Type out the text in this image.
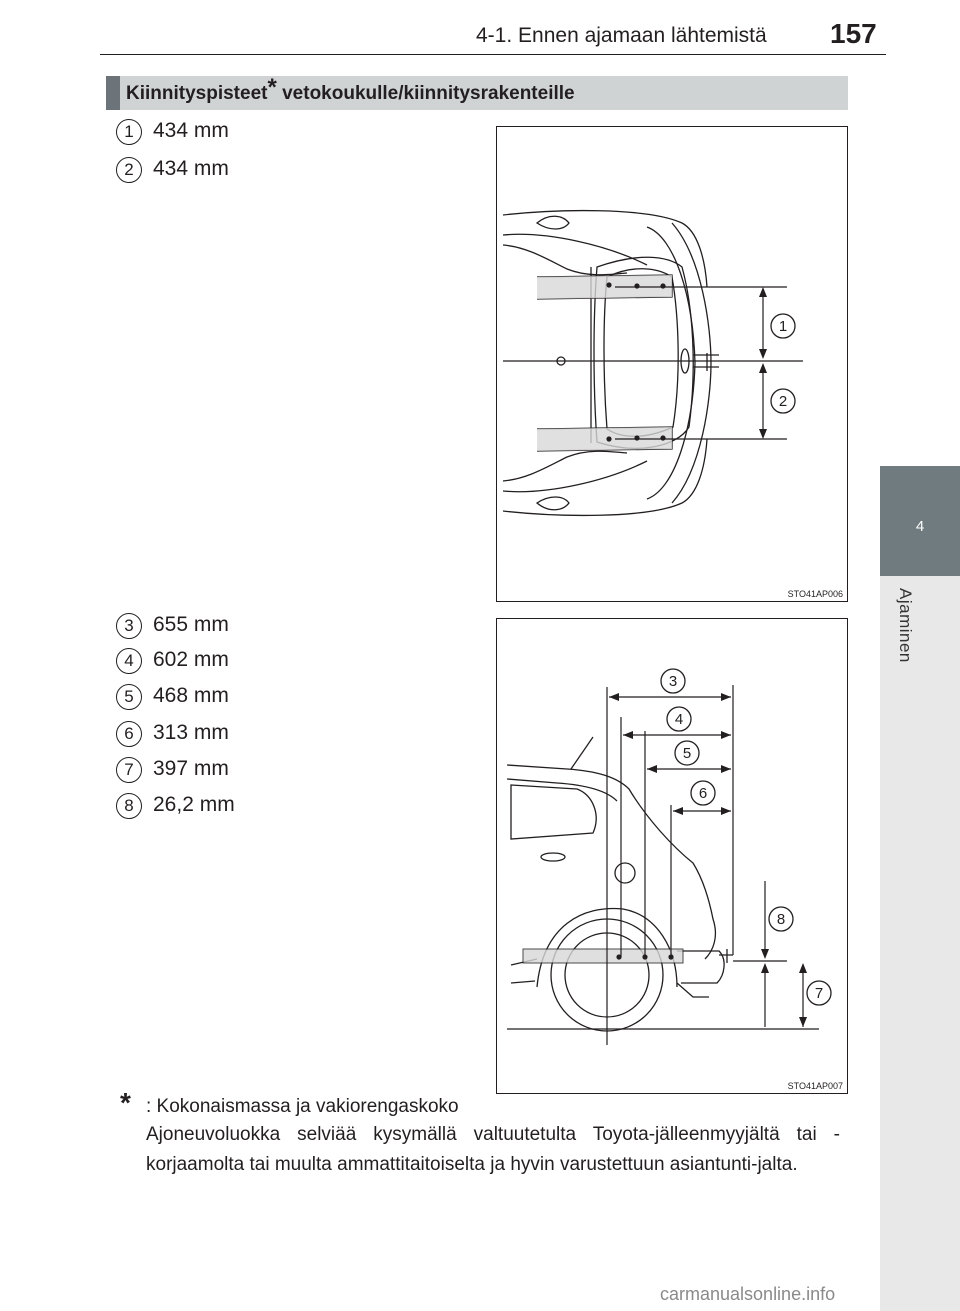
4-1. Ennen ajamaan lähtemistä 157
4
Ajaminen
Kiinnityspisteet* vetokoukulle/kiinnitysrakenteille
1 434 mm
2 434 mm
3 655 mm
4 602 mm
5 468 mm
6 313 mm
7 397 mm
8 26,2 mm
1
2
STO41AP006
3
4
5
6
8
7
STO41AP007
* : Kokonaismassa ja vakiorengaskoko
Ajoneuvoluokka selviää kysymällä valtuutetulta Toyota-jälleenmyyjältä tai -korjaamolta tai muulta ammattitaitoiselta ja hyvin varustettuun asiantunti-jalta.
carmanualsonline.info
